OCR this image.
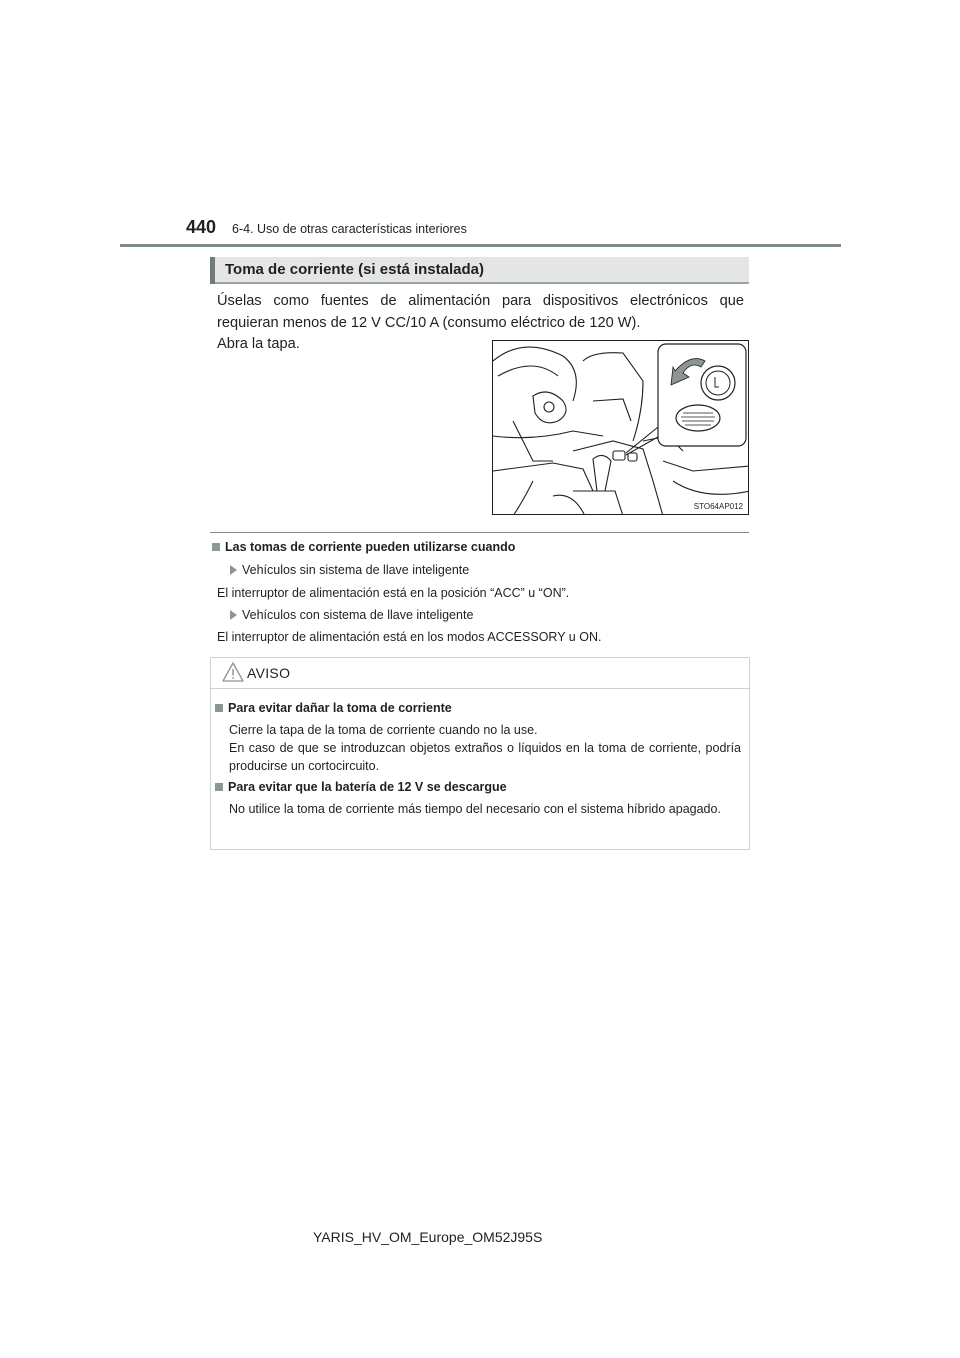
440 6-4. Uso de otras características interiores
Toma de corriente (si está instalada)
Úselas como fuentes de alimentación para dispositivos electrónicos que requieran menos de 12 V CC/10 A (consumo eléctrico de 120 W).
Abra la tapa.
STO64AP012
Las tomas de corriente pueden utilizarse cuando
Vehículos sin sistema de llave inteligente
El interruptor de alimentación está en la posición “ACC” u “ON”.
Vehículos con sistema de llave inteligente
El interruptor de alimentación está en los modos ACCESSORY u ON.
AVISO
Para evitar dañar la toma de corriente
Cierre la tapa de la toma de corriente cuando no la use.
En caso de que se introduzcan objetos extraños o líquidos en la toma de corriente, podría producirse un cortocircuito.
Para evitar que la batería de 12 V se descargue
No utilice la toma de corriente más tiempo del necesario con el sistema híbrido apagado.
YARIS_HV_OM_Europe_OM52J95S
